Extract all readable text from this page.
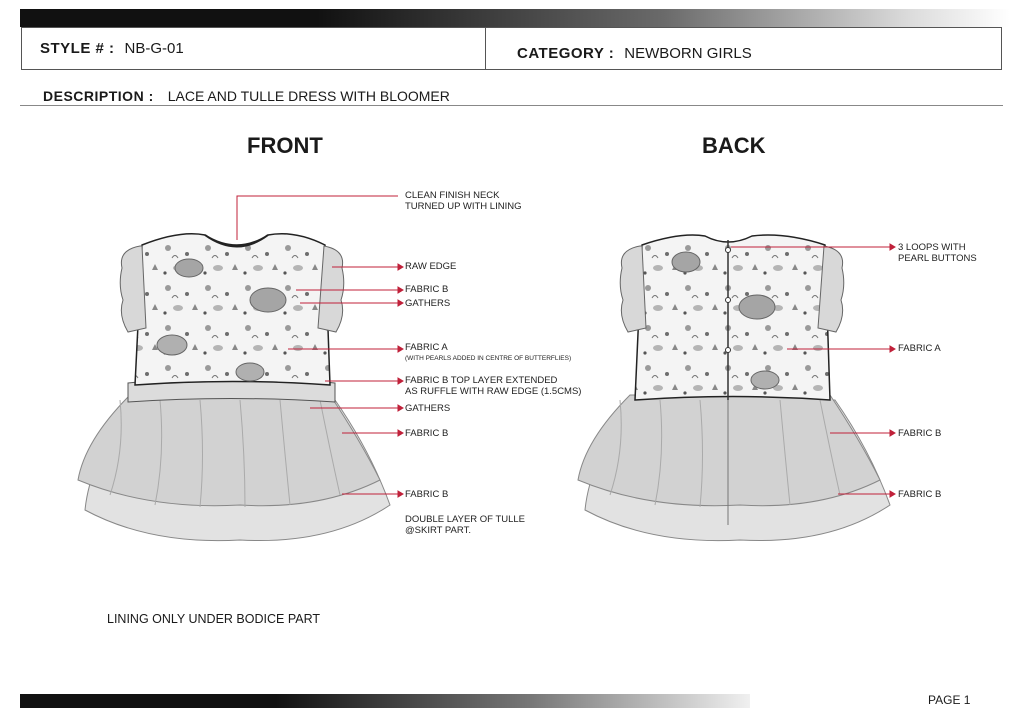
STYLE # : NB-G-01	CATEGORY : NEWBORN GIRLS
DESCRIPTION : LACE AND TULLE DRESS WITH BLOOMER
FRONT	BACK
CLEAN FINISH NECK
TURNED UP WITH LINING
RAW EDGE
FABRIC B
GATHERS
FABRIC A
(WITH PEARLS ADDED IN CENTRE OF BUTTERFLIES)
FABRIC B TOP LAYER EXTENDED
AS RUFFLE WITH RAW EDGE (1.5CMS)
GATHERS
FABRIC B
FABRIC B
DOUBLE LAYER OF TULLE
@SKIRT PART.
3 LOOPS WITH
PEARL BUTTONS
FABRIC A
FABRIC B
FABRIC B
LINING ONLY UNDER BODICE PART
PAGE 1
